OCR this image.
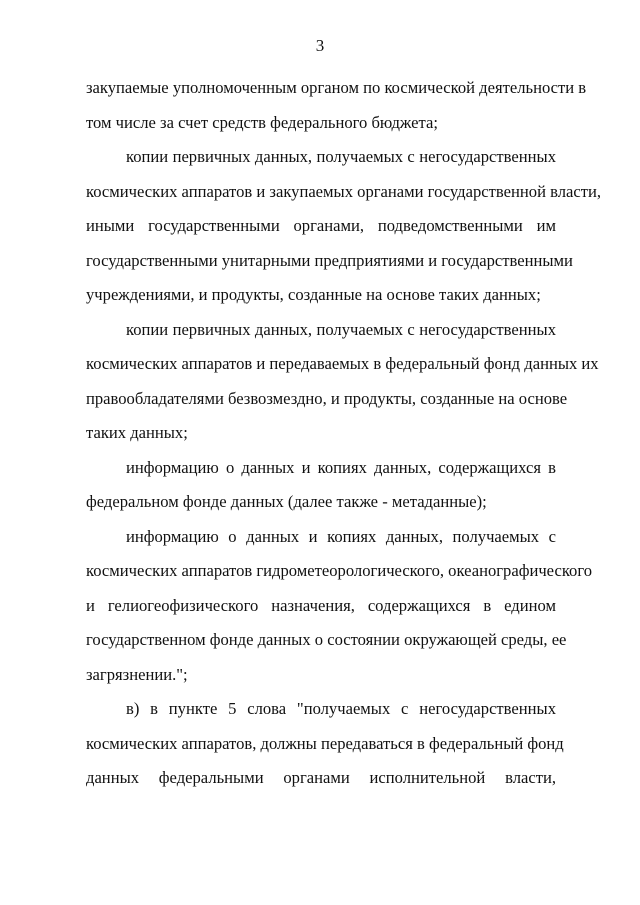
3
закупаемые уполномоченным органом по космической деятельности в
том числе за счет средств федерального бюджета;
копии первичных данных, получаемых с негосударственных
космических аппаратов и закупаемых органами государственной власти,
иными государственными органами, подведомственными им
государственными унитарными предприятиями и государственными
учреждениями, и продукты, созданные на основе таких данных;
копии первичных данных, получаемых с негосударственных
космических аппаратов и передаваемых в федеральный фонд данных их
правообладателями безвозмездно, и продукты, созданные на основе
таких данных;
информацию о данных и копиях данных, содержащихся в
федеральном фонде данных (далее также - метаданные);
информацию о данных и копиях данных, получаемых с
космических аппаратов гидрометеорологического, океанографического
и гелиогеофизического назначения, содержащихся в едином
государственном фонде данных о состоянии окружающей среды, ее
загрязнении.";
в) в пункте 5 слова "получаемых с негосударственных
космических аппаратов, должны передаваться в федеральный фонд
данных федеральными органами исполнительной власти,
